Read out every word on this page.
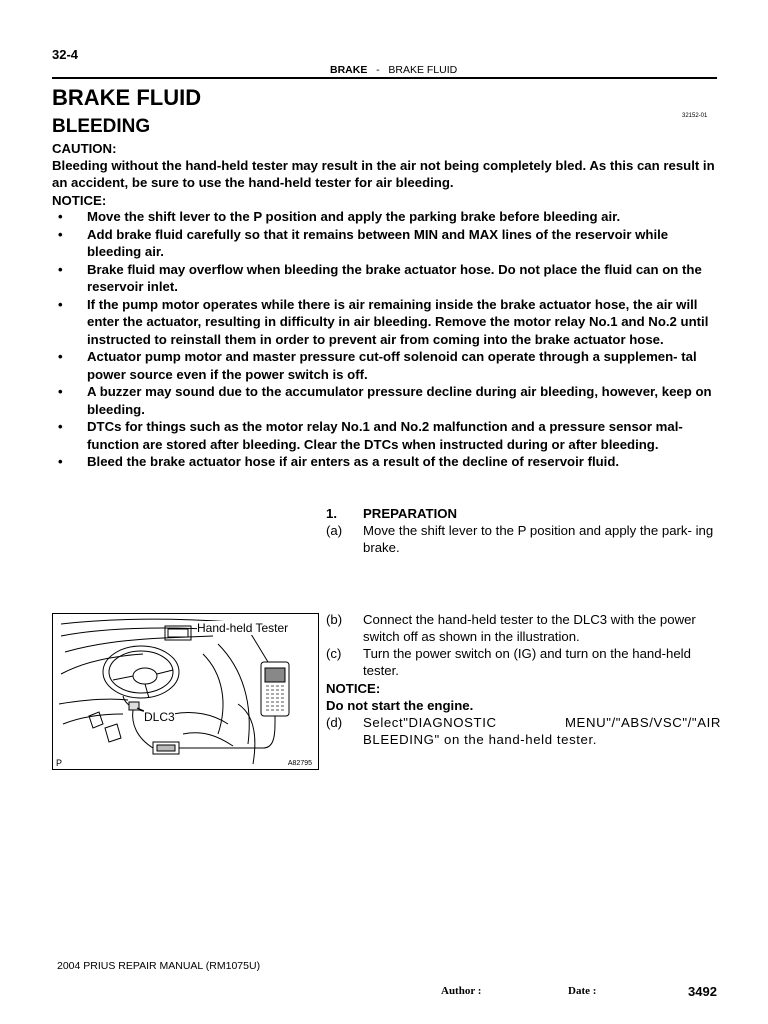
32-4
BRAKE - BRAKE FLUID
BRAKE FLUID
32152-01
BLEEDING
CAUTION:
Bleeding without the hand-held tester may result in the air not being completely bled. As this can result in an accident, be sure to use the hand-held tester for air bleeding.
NOTICE:
• Move the shift lever to the P position and apply the parking brake before bleeding air.
• Add brake fluid carefully so that it remains between MIN and MAX lines of the reservoir while bleeding air.
• Brake fluid may overflow when bleeding the brake actuator hose. Do not place the fluid can on the reservoir inlet.
• If the pump motor operates while there is air remaining inside the brake actuator hose, the air will enter the actuator, resulting in difficulty in air bleeding. Remove the motor relay No.1 and No.2 until instructed to reinstall them in order to prevent air from coming into the brake actuator hose.
• Actuator pump motor and master pressure cut-off solenoid can operate through a supplemen- tal power source even if the power switch is off.
• A buzzer may sound due to the accumulator pressure decline during air bleeding, however, keep on bleeding.
• DTCs for things such as the motor relay No.1 and No.2 malfunction and a pressure sensor mal- function are stored after bleeding. Clear the DTCs when instructed during or after bleeding.
• Bleed the brake actuator hose if air enters as a result of the decline of reservoir fluid.
1.	PREPARATION
(a)	Move the shift lever to the P position and apply the park- ing brake.
(b)	Connect the hand-held tester to the DLC3 with the power switch off as shown in the illustration.
(c)	Turn the power switch on (IG) and turn on the hand-held tester.
NOTICE:
Do not start the engine.
(d)	Select"DIAGNOSTIC MENU"/"ABS/VSC"/"AIR BLEEDING" on the hand-held tester.
Hand-held Tester
DLC3
A82795
P
2004 PRIUS REPAIR MANUAL (RM1075U)
Author :	Date :	3492
